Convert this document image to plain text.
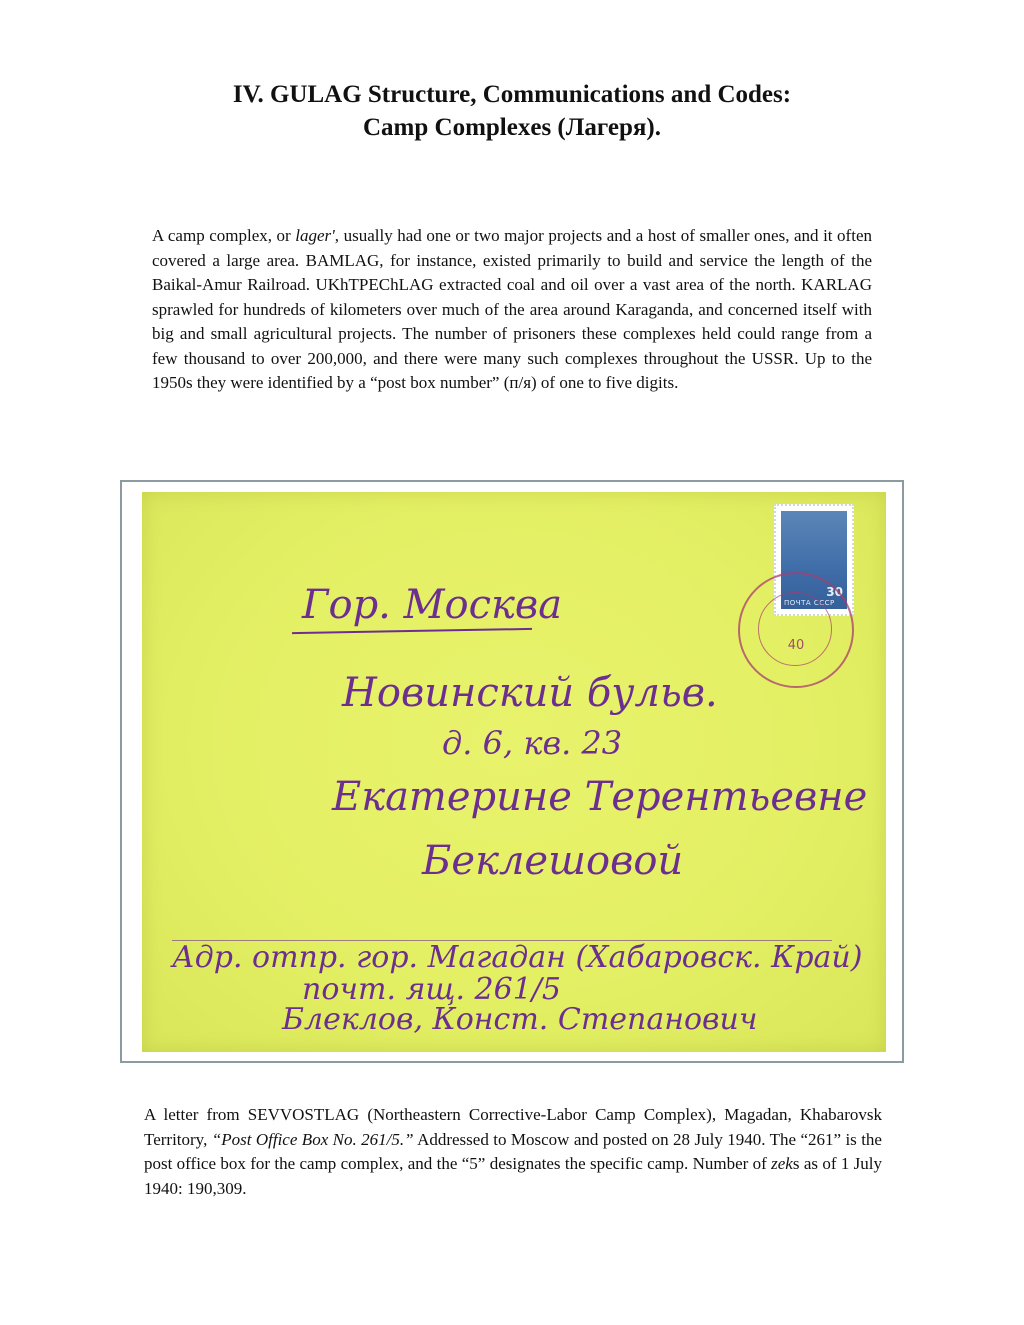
IV. GULAG Structure, Communications and Codes:
Camp Complexes (Лагеря).
A camp complex, or lager', usually had one or two major projects and a host of smaller ones, and it often covered a large area. BAMLAG, for instance, existed primarily to build and service the length of the Baikal-Amur Railroad. UKhTPEChLAG extracted coal and oil over a vast area of the north. KARLAG sprawled for hundreds of kilometers over much of the area around Karaganda, and concerned itself with big and small agricultural projects. The number of prisoners these complexes held could range from a few thousand to over 200,000, and there were many such complexes throughout the USSR. Up to the 1950s they were identified by a “post box number” (п/я) of one to five digits.
30
ПОЧТА СССР
40
Гор. Москва
Новинский бульв.
д. 6, кв. 23
Екатерине Терентьевне
Беклешовой
Адр. отпр. гор. Магадан (Хабаровск. Край)
почт. ящ. 261/5
Блеклов, Конст. Степанович
A letter from SEVVOSTLAG (Northeastern Corrective-Labor Camp Complex), Magadan, Khabarovsk Territory, “Post Office Box No. 261/5.” Addressed to Moscow and posted on 28 July 1940. The “261” is the post office box for the camp complex, and the “5” designates the specific camp. Number of zeks as of 1 July 1940: 190,309.
